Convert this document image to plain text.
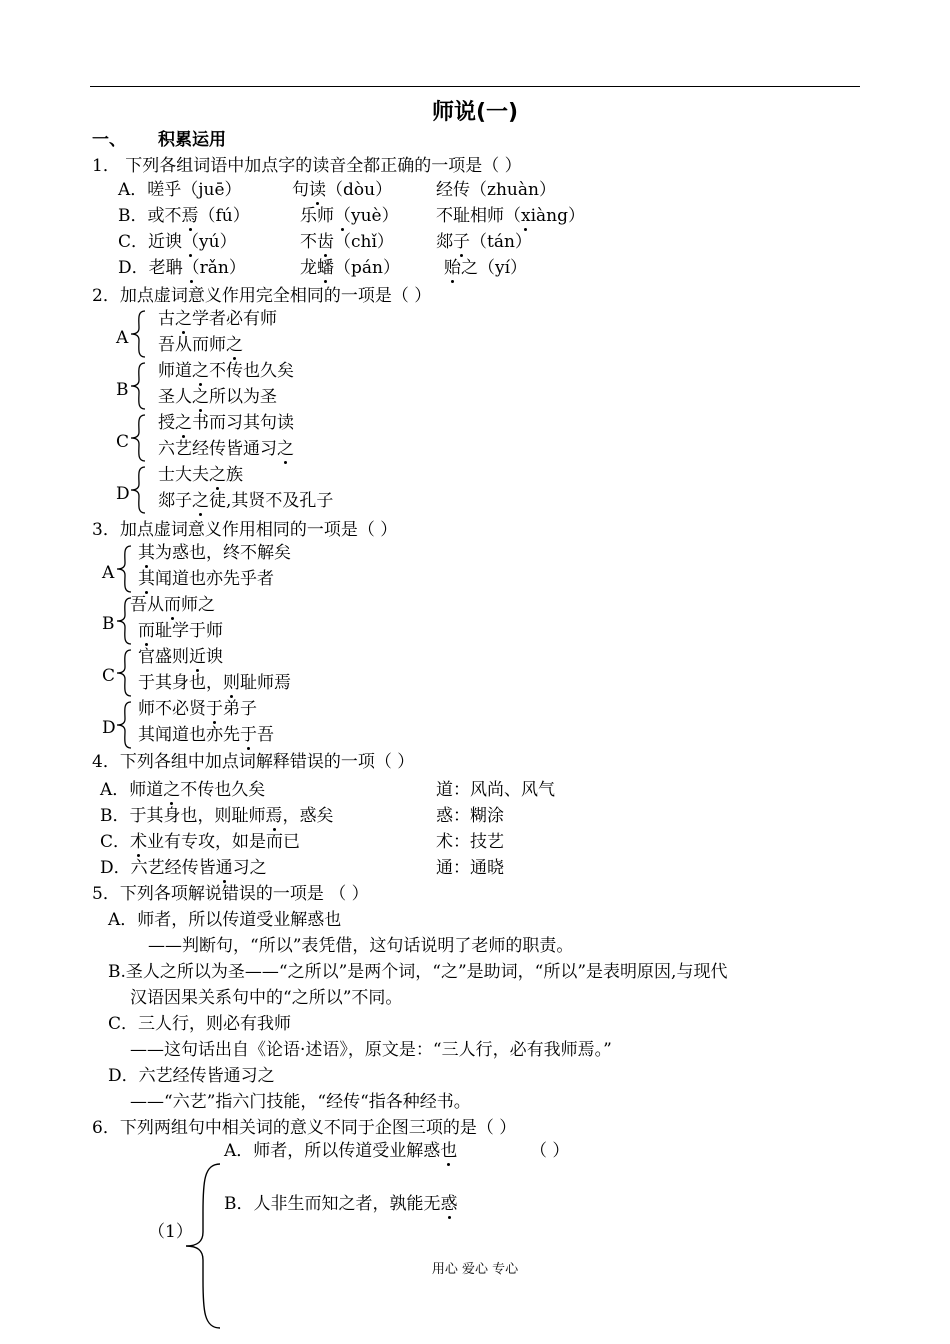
师说(一)
一、 积累运用
1． 下列各组词语中加点字的读音全都正确的一项是（ ）
A．嗟乎（juē）	句读（dòu）	经传（zhuàn）
B．或不焉（fú）	乐师（yuè） 不耻相师（xiàng）
C．近谀（yú）	不齿（chǐ） 郯子（tán）
D．老聃（rǎn）	龙蟠（pán）	贻之（yí）
2．加点虚词意义作用完全相同的一项是（ ）
A
古之学者必有师
吾从而师之
B
师道之不传也久矣
圣人之所以为圣
C
授之书而习其句读
六艺经传皆通习之
D
士大夫之族
郯子之徒,其贤不及孔子
3．加点虚词意义作用相同的一项是（ ）
A
其为惑也，终不解矣
其闻道也亦先乎者
B
吾从而师之
而耻学于师
C
官盛则近谀
于其身也，则耻师焉
D
师不必贤于弟子
其闻道也亦先于吾
4．下列各组中加点词解释错误的一项（ ）
A．师道之不传也久矣	道：风尚、风气
B．于其身也，则耻师焉，惑矣	惑：糊涂
C．术业有专攻，如是而已	术：技艺
D．六艺经传皆通习之	通：通晓
5．下列各项解说错误的一项是 （ ）
A．师者，所以传道受业解惑也
——判断句，“所以”表凭借，这句话说明了老师的职责。
B.圣人之所以为圣——“之所以”是两个词，“之”是助词，“所以”是表明原因,与现代
汉语因果关系句中的“之所以”不同。
C．三人行，则必有我师
——这句话出自《论语·述语》，原文是：“三人行，必有我师焉。”
D．六艺经传皆通习之
——“六艺”指六门技能，“经传“指各种经书。
6．下列两组句中相关词的意义不同于企图三项的是（ ）
（1）
A．师者，所以传道受业解惑也	（ ）
B．人非生而知之者，孰能无惑
用心 爱心 专心
